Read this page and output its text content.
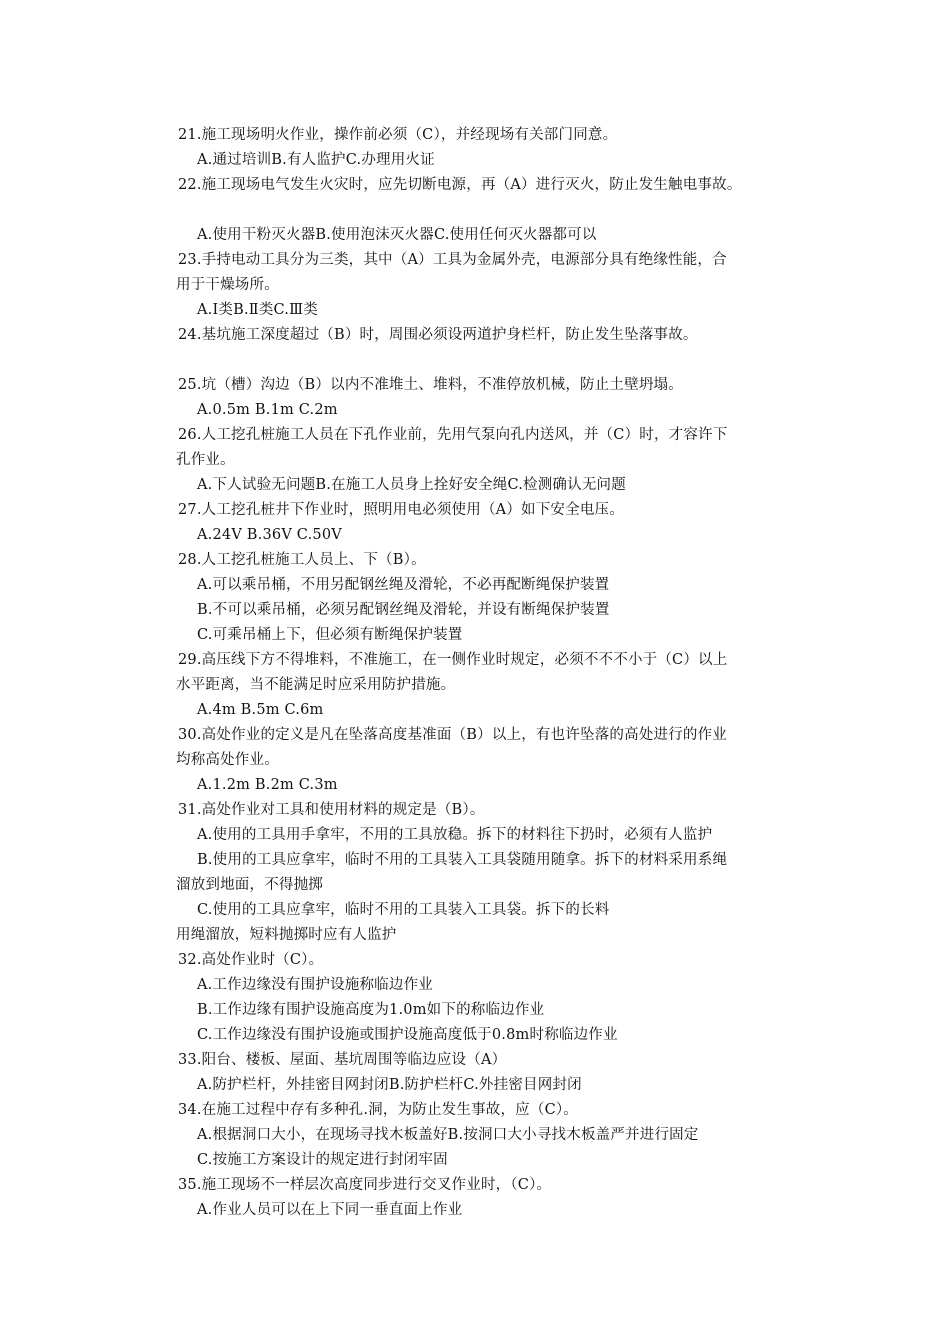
21.施工现场明火作业，操作前必须（C），并经现场有关部门同意。
A.通过培训B.有人监护C.办理用火证
22.施工现场电气发生火灾时，应先切断电源，再（A）进行灭火，防止发生触电事故。
A.使用干粉灭火器B.使用泡沫灭火器C.使用任何灭火器都可以
23.手持电动工具分为三类，其中（A）工具为金属外壳，电源部分具有绝缘性能，合
用于干燥场所。
A.Ⅰ类B.Ⅱ类C.Ⅲ类
24.基坑施工深度超过（B）时，周围必须设两道护身栏杆，防止发生坠落事故。
25.坑（槽）沟边（B）以内不准堆土、堆料，不准停放机械，防止土壁坍塌。
A.0.5m B.1m C.2m
26.人工挖孔桩施工人员在下孔作业前，先用气泵向孔内送风，并（C）时，才容许下
孔作业。
A.下人试验无问题B.在施工人员身上拴好安全绳C.检测确认无问题
27.人工挖孔桩井下作业时，照明用电必须使用（A）如下安全电压。
A.24V B.36V C.50V
28.人工挖孔桩施工人员上、下（B）。
A.可以乘吊桶，不用另配钢丝绳及滑轮，不必再配断绳保护装置
B.不可以乘吊桶，必须另配钢丝绳及滑轮，并设有断绳保护装置
C.可乘吊桶上下，但必须有断绳保护装置
29.高压线下方不得堆料，不准施工，在一侧作业时规定，必须不不不小于（C）以上
水平距离，当不能满足时应采用防护措施。
A.4m B.5m C.6m
30.高处作业的定义是凡在坠落高度基准面（B）以上，有也许坠落的高处进行的作业
均称高处作业。
A.1.2m B.2m C.3m
31.高处作业对工具和使用材料的规定是（B）。
A.使用的工具用手拿牢，不用的工具放稳。拆下的材料往下扔时，必须有人监护
B.使用的工具应拿牢，临时不用的工具装入工具袋随用随拿。拆下的材料采用系绳
溜放到地面，不得抛掷
C.使用的工具应拿牢，临时不用的工具装入工具袋。拆下的长料
用绳溜放，短料抛掷时应有人监护
32.高处作业时（C）。
A.工作边缘没有围护设施称临边作业
B.工作边缘有围护设施高度为1.0m如下的称临边作业
C.工作边缘没有围护设施或围护设施高度低于0.8m时称临边作业
33.阳台、楼板、屋面、基坑周围等临边应设（A）
A.防护栏杆，外挂密目网封闭B.防护栏杆C.外挂密目网封闭
34.在施工过程中存有多种孔.洞，为防止发生事故，应（C）。
A.根据洞口大小，在现场寻找木板盖好B.按洞口大小寻找木板盖严并进行固定
C.按施工方案设计的规定进行封闭牢固
35.施工现场不一样层次高度同步进行交叉作业时，（C）。
A.作业人员可以在上下同一垂直面上作业
